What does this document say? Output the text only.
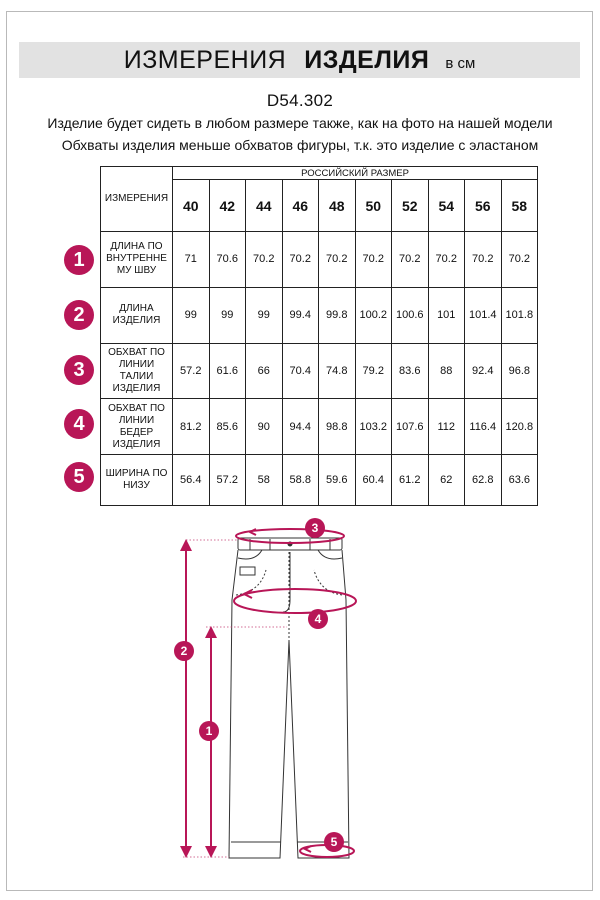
ИЗМЕРЕНИЯ ИЗДЕЛИЯ в см
D54.302
Изделие будет сидеть в любом размере также, как на фото на нашей модели
Обхваты изделия меньше обхватов фигуры, т.к. это изделие с эластаном
ИЗМЕРЕНИЯ	РОССИЙСКИЙ РАЗМЕР									
	40	42	44	46	48	50	52	54	56	58

ДЛИНА ПО
ВНУТРЕННЕ
МУ ШВУ	71	70.6	70.2	70.2	70.2	70.2	70.2	70.2	70.2	70.2

ДЛИНА
ИЗДЕЛИЯ	99	99	99	99.4	99.8	100.2	100.6	101	101.4	101.8

ОБХВАТ ПО
ЛИНИИ
ТАЛИИ
ИЗДЕЛИЯ	57.2	61.6	66	70.4	74.8	79.2	83.6	88	92.4	96.8

ОБХВАТ ПО
ЛИНИИ
БЕДЕР
ИЗДЕЛИЯ	81.2	85.6	90	94.4	98.8	103.2	107.6	112	116.4	120.8

ШИРИНА ПО
НИЗУ	56.4	57.2	58	58.8	59.6	60.4	61.2	62	62.8	63.6
1
2
3
4
5
3
4
2
1
5
